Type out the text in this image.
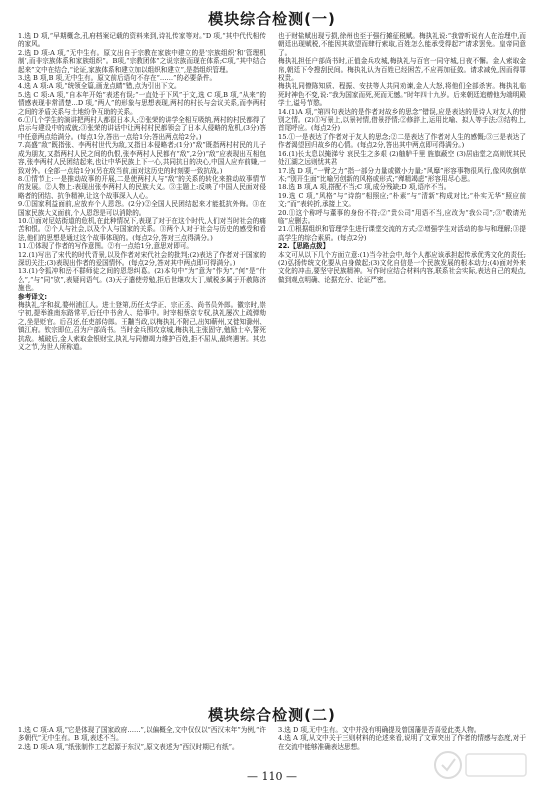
模块综合检测(一)

1.选 D 项,“早期概念,孔府档案记载的资料来到,诗礼传家等对。”D 项,“其中代代相传的家风。

2.选 D 项:A 项,“无中生有。原文出自于宗教在家族中建立的是‘宗族组织’和‘管理机制’,而非宗族体系和家族组织”。B项,“宗教团体”之说宗族而现在体系;C项,“其中结合起来”文中在结合,“论证,家族体系和建立加以组织和建立”,是指组织管理。

3.选 B 项,B 项,无中生有。原文前后语句不存在“……”的必要条件。

4.选 A 项:A 项,“统领全篇,画龙点睛”错,点为引出下文。

5.选 C 项:A 项,“自本年开始”表述有误;“一直处于下风”于文,选 C 项,B 项,“从来”的情感表现非常清楚...D 项,“两人”的形象与思想表现,两村的村长与会议关系,而李两村之间的矛盾关系与土地纷争互助的关系。

6.①几个学生的演讲把两村人都很日本人;②张荣的讲学全相互吸纳,两村的村民都得了启示与建设中的成就;③张荣的讲话中让两村村民都领会了日本人侵略的危机,(3分)答中任意两点给满分。(每点1分,答出一点给1分;答出两点给2分。)

7.高盛“敌”既指张、李两村世代为敌,又指日本侵略者;(1分)“敌”既指两村村民的儿子成为朋友,又指两村人民之间的仇恨,张李两村人民都有“敌”,2分)“敌”应表现出互相包容,张李两村人民团结起来,也让中华民族上下一心,共同抗日的决心,中国人应弃前嫌,一致对外。(全部一点给1分)(另在敌当前,面对这历史的时刻要一致抗战。)

8.①情节上:一是推动故事的开展,二是使两村人与“敌”的关系的转化来推动故事情节的发展。②人物上:表现出张李两村人的民族大义。③主题上:反映了中国人民面对侵略者的团结、抗争精神,让这个故事深入人心。

9.①国家利益面前,应放弃个人恩怨。(2分)②全国人民团结起来才能抵抗外侮。③在国家民族大义面前,个人恩怨是可以消除的。

10.①面对尼姑街道的危机,在此种情况下,表现了对于在这个时代,人们对当时社会的痛苦和恨。②个人与社会,以及个人与国家的关系。③两个人对于社会与历史的感受和看法,他们的思想是通过这个故事体现的。(每点2分,答对三点得满分。)

11.①体现了作者的写作意图。②有一点给1分,意思对即可。

12.(1)写出了宋代的时代背景,以及作者对宋代社会的批判;(2)表达了作者对于国家的深切关注;(3)表现出作者的爱国情怀。(每点2分,答对其中两点即可得满分。)

13.(1)令狐冲和岳不群师徒之间的恩怨纠葛。(2)本句中“为”意为“作为”,“何”是“什么”,“与”同“欤”,表疑问语气。(3)天子遣使劳勉,拒后世继攻大丁,赋税多属于开赦陈济施也。

参考译文:

梅执礼,字和叔,婺州浦江人。进士登第,历任太学正、宗正丞、尚书员外郎。徽宗时,崇宁初,提举淮南东路常平,后任中书舍人、给事中。时宰相蔡京专权,执礼屡次上疏弹劾之,坐是贬官。后召还,任吏部侍郎。王黼当政,以梅执礼不附己,出知蕲州,又徙知滁州、镇江府。钦宗即位,召为户部尚书。当时金兵围攻京城,梅执礼主张固守,勉励士卒,誓死抗敌。城破后,金人索取金银财宝,执礼与同僚竭力维护百姓,拒不屈从,最终遇害。其忠义之节,为世人所称道。

也于财盐赋出现亏损,徐州也至于强行摊征税赋。梅执礼说:“我曾听说有人在治理中,而朝廷出现赋税,不能因其欲望而肆行索取,百姓怎么能承受得起?”请求罢免。皇帝同意了。

梅执礼担任户部尚书时,正值金兵攻城,梅执礼与百官一同守城,日夜不懈。金人索取金帛,朝廷下令搜刮民间。梅执礼认为百姓已经困苦,不应再加征敛。请求减免,因而得罪权贵。

梅执礼同僚陈知质、程振、安扶等人共同劝谏,金人大怒,将他们全部杀害。梅执礼临死时神色不变,说:“我为国家而死,死而无憾。”时年四十九岁。后来朝廷追赠他为端明殿学士,谥号节愍。

14.(1)A 项,“第四句表达的是作者对故乡的思念”错误,应是表达的是诗人对友人的惜别之情。(2)①写景上,以景衬情,借景抒情;②修辞上,运用比喻、拟人等手法;③结构上,首尾呼应。(每点2分)

15.①一是表达了作者对于友人的思念;②二是表达了作者对人生的感慨;③三是表达了作者渴望回归故乡的心情。(每点2分,答出其中两点即可得满分。)

16.(1)长太息以掩涕兮 哀民生之多艰 (2)舳舻千里 旌旗蔽空 (3)居庙堂之高则忧其民 处江湖之远则忧其君

17.选 D 项,“一臂之力”指一部分力量或微小力量;“风靡”形容事物很风行,像风吹倒草木;“别开生面”比喻另创新的风格或形式;“殚精竭虑”形容用尽心思。

18.选 B 项,A 项,搭配不当;C 项,成分残缺;D 项,语序不当。

19.选 C 项,“风格”与“诗韵”相照应;“朴素”与“清新”构成对比;“朴实无华”照应前文;“而”表转折,承接上文。

20.①这个称呼与董事的身份不符;②“贵公司”用语不当,应改为“我公司”;③“敬请光临”应删去。

21.①根据组织和管理学生进行课堂交流的方式;②增强学生对活动的参与和理解;③提高学生的综合素质。(每点2分)

22.【思路点拨】

本文可从以下几个方面立意:(1)当今社会中,每个人都应该承担起传承优秀文化的责任;(2)弘扬传统文化要从自身做起;(3)文化自信是一个民族发展的根本动力;(4)面对外来文化的冲击,要坚守民族精神。写作时应结合材料内容,联系社会实际,表达自己的观点,做到观点明确、论据充分、论证严密。

模块综合检测(二)

1.选 C 项:A 项,“它是体现了国家政府……”,以偏概全,文中仅仅以“西汉末年”为例,“许多朝代”无中生有。B 项,表述不当。

2.选 D 项:A 项,“纸张制作工艺起源于东汉”,原文表述为“西汉时期已有纸”。

3.选 D 项,无中生有。文中并没有明确提及曾国藩是否喜爱此类人物。

4.选 A 项,从文中关于三则材料的论述来看,说明了文章突出了作者的情感与态度,对于在交流中能够准确表达思想。

— 110 —
